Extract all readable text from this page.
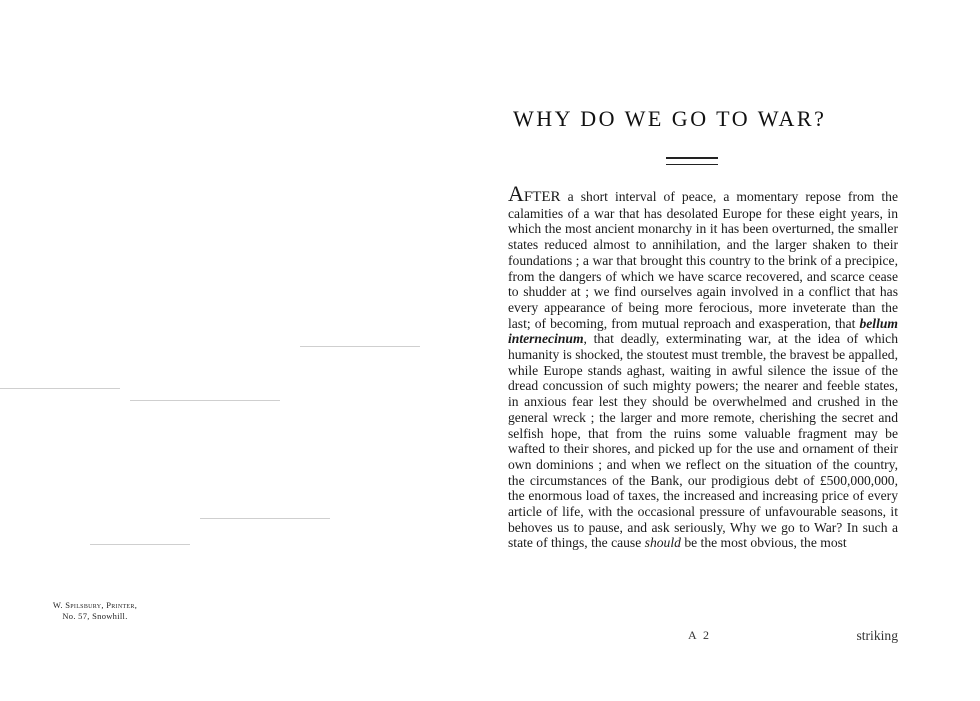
W. Spilsbury, Printer,
No. 57, Snowhill.
WHY DO WE GO TO WAR?
AFTER a short interval of peace, a momentary repose from the calamities of a war that has desolated Europe for these eight years, in which the most ancient monarchy in it has been overturned, the smaller states reduced almost to annihilation, and the larger shaken to their foundations ; a war that brought this country to the brink of a precipice, from the dangers of which we have scarce recovered, and scarce cease to shudder at ; we find ourselves again involved in a conflict that has every appearance of being more ferocious, more inveterate than the last; of becoming, from mutual reproach and exasperation, that bellum internecinum, that deadly, exterminating war, at the idea of which humanity is shocked, the stoutest must tremble, the bravest be appalled, while Europe stands aghast, waiting in awful silence the issue of the dread concussion of such mighty powers; the nearer and feeble states, in anxious fear lest they should be overwhelmed and crushed in the general wreck ; the larger and more remote, cherishing the secret and selfish hope, that from the ruins some valuable fragment may be wafted to their shores, and picked up for the use and ornament of their own dominions ; and when we reflect on the situation of the country, the circumstances of the Bank, our prodigious debt of £500,000,000, the enormous load of taxes, the increased and increasing price of every article of life, with the occasional pressure of unfavourable seasons, it behoves us to pause, and ask seriously, Why we go to War? In such a state of things, the cause should be the most obvious, the most
A 2	striking
